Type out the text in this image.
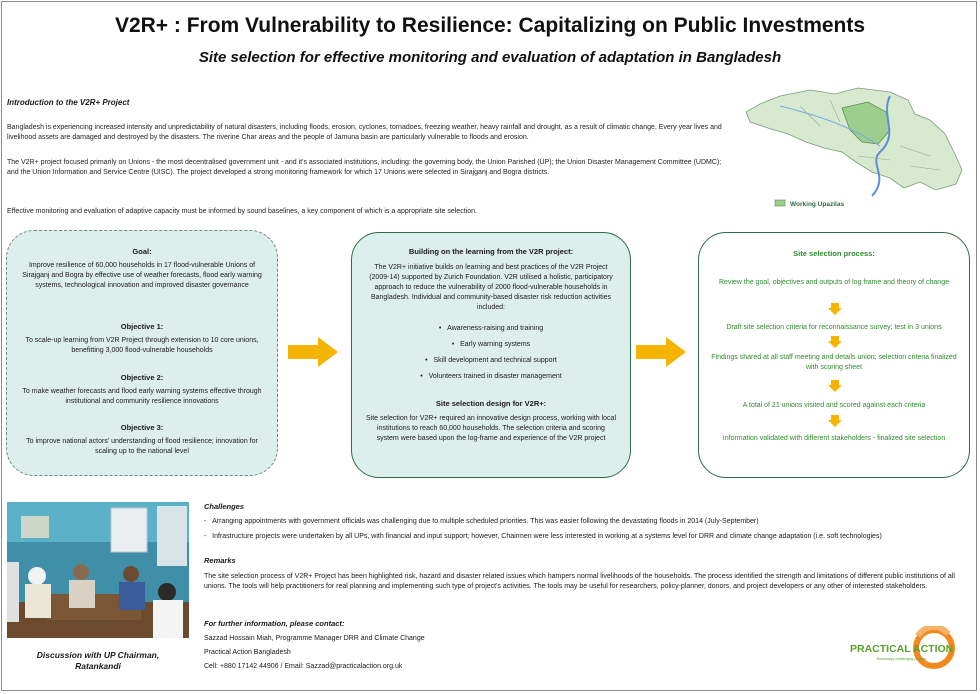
V2R+ : From Vulnerability to Resilience: Capitalizing on Public Investments
Site selection for effective monitoring and evaluation of adaptation in Bangladesh
Introduction to the V2R+ Project

Bangladesh is experiencing increased intensity and unpredictability of natural disasters, including floods, erosion, cyclones, tornadoes, freezing weather, heavy rainfall and drought, as a result of climatic change. Every year lives and livelihood assets are damaged and destroyed by the disasters. The riverine Char areas and the people of Jamuna basin are particularly vulnerable to floods and erosion.

The V2R+ project focused primarily on Unions - the most decentralised government unit - and it's associated institutions, including: the governing body, the Union Parished (UP); the Union Disaster Management Committee (UDMC); and the Union Information and Service Centre (UISC). The project developed a strong monitoring framework for which 17 Unions were selected in Sirajganj and Bogra districts.

Effective monitoring and evaluation of adaptive capacity must be informed by sound baselines, a key component of which is a appropriate site selection.

Working Upazilas
Goal:
Improve resilience of 60,000 households in 17 flood-vulnerable Unions of Sirajganj and Bogra by effective use of weather forecasts, flood early warning systems, technological innovation and improved disaster governance
Objective 1:
To scale-up learning from V2R Project through extension to 10 core unions, benefitting 3,000 flood-vulnerable households
Objective 2:
To make weather forecasts and flood early warning systems effective through institutional and community resilience innovations
Objective 3:
To improve national actors' understanding of flood resilience; innovation for scaling up to the national level
Building on the learning from the V2R project:
The V2R+ initiative builds on learning and best practices of the V2R Project (2009-14) supported by Zurich Foundation. V2R utilised a holistic, participatory approach to reduce the vulnerability of 2000 flood-vulnerable households in Bangladesh. Individual and community-based disaster risk reduction activities included:
•   Awareness-raising and training
•   Early warning systems
•   Skill development and technical support
•   Volunteers trained in disaster management
Site selection design for V2R+:
Site selection for V2R+ required an innovative design process, working with local institutions to reach 60,000 households. The selection criteria and scoring system were based upon the log-frame and experience of the V2R project
Site selection process:
Review the goal, objectives and outputs of log frame and theory of change
Draft site selection criteria for reconnaissance survey; test in 3 unions
Findings shared at all staff meeting and details union; selection criteria finalized with scoring sheet
A total of 21 unions visited and scored against each criteria
Information validated with different stakeholders - finalized site selection
Discussion with UP Chairman,
Ratankandi
Challenges
-   Arranging appointments with government officials was challenging due to multiple scheduled priorities. This was easier following the devastating floods in 2014 (July-September)
-   Infrastructure projects were undertaken by all UPs, with financial and input support; however, Chairmen were less interested in working at a systems level for DRR and climate change adaptation (i.e. soft technologies)
Remarks

The site selection process of V2R+ Project has been highlighted risk, hazard and disaster related issues which hampers normal livelihoods of the households. The process identified the strength and limitations of different public institutions of all unions. The tools will help practitioners for real planning and implementing such type of project's activities. The tools may be useful for researchers, policy-planner, donors, and project developers or any other of interested stakeholders.

For further information, please contact:
Sazzad Hossain Miah, Programme Manager DRR and Climate Change
Practical Action Bangladesh
Cell: +880 17142 44906 / Email: Sazzad@practicalaction.org.uk
PRACTICAL ACTION
Technology challenging poverty
